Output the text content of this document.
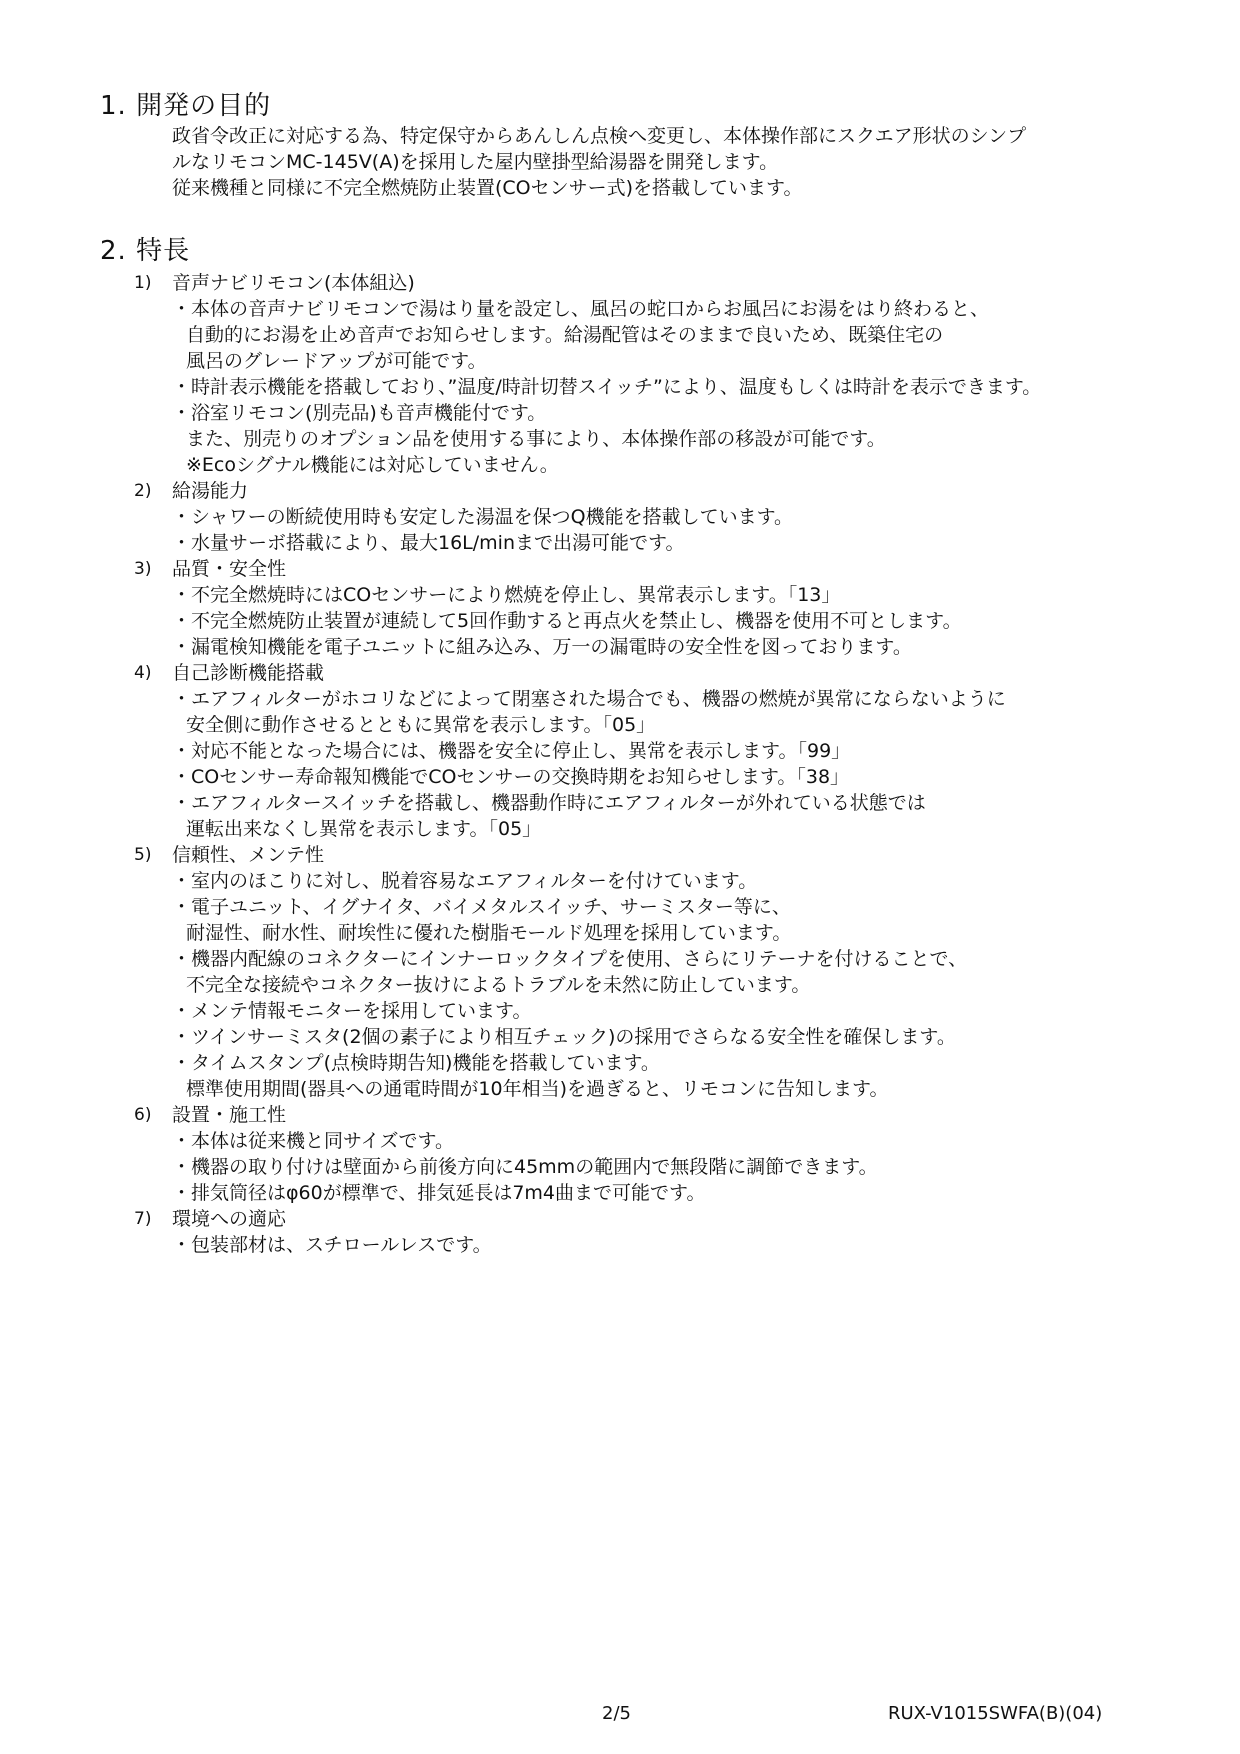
1. 開発の目的
政省令改正に対応する為、特定保守からあんしん点検へ変更し、本体操作部にスクエア形状のシンプ
ルなリモコンMC-145V(A)を採用した屋内壁掛型給湯器を開発します。
従来機種と同様に不完全燃焼防止装置(COセンサー式)を搭載しています。
2. 特長
1) 音声ナビリモコン(本体組込)
・本体の音声ナビリモコンで湯はり量を設定し、風呂の蛇口からお風呂にお湯をはり終わると、
自動的にお湯を止め音声でお知らせします。給湯配管はそのままで良いため、既築住宅の
風呂のグレードアップが可能です。
・時計表示機能を搭載しており、”温度/時計切替スイッチ”により、温度もしくは時計を表示できます。
・浴室リモコン(別売品)も音声機能付です。
また、別売りのオプション品を使用する事により、本体操作部の移設が可能です。
※Ecoシグナル機能には対応していません。
2) 給湯能力
・シャワーの断続使用時も安定した湯温を保つQ機能を搭載しています。
・水量サーボ搭載により、最大16L/minまで出湯可能です。
3) 品質・安全性
・不完全燃焼時にはCOセンサーにより燃焼を停止し、異常表示します。「13」
・不完全燃焼防止装置が連続して5回作動すると再点火を禁止し、機器を使用不可とします。
・漏電検知機能を電子ユニットに組み込み、万一の漏電時の安全性を図っております。
4) 自己診断機能搭載
・エアフィルターがホコリなどによって閉塞された場合でも、機器の燃焼が異常にならないように
安全側に動作させるとともに異常を表示します。「05」
・対応不能となった場合には、機器を安全に停止し、異常を表示します。「99」
・COセンサー寿命報知機能でCOセンサーの交換時期をお知らせします。「38」
・エアフィルタースイッチを搭載し、機器動作時にエアフィルターが外れている状態では
運転出来なくし異常を表示します。「05」
5) 信頼性、メンテ性
・室内のほこりに対し、脱着容易なエアフィルターを付けています。
・電子ユニット、イグナイタ、バイメタルスイッチ、サーミスター等に、
耐湿性、耐水性、耐埃性に優れた樹脂モールド処理を採用しています。
・機器内配線のコネクターにインナーロックタイプを使用、さらにリテーナを付けることで、
不完全な接続やコネクター抜けによるトラブルを未然に防止しています。
・メンテ情報モニターを採用しています。
・ツインサーミスタ(2個の素子により相互チェック)の採用でさらなる安全性を確保します。
・タイムスタンプ(点検時期告知)機能を搭載しています。
標準使用期間(器具への通電時間が10年相当)を過ぎると、リモコンに告知します。
6) 設置・施工性
・本体は従来機と同サイズです。
・機器の取り付けは壁面から前後方向に45mmの範囲内で無段階に調節できます。
・排気筒径はφ60が標準で、排気延長は7m4曲まで可能です。
7) 環境への適応
・包装部材は、スチロールレスです。
2/5	RUX-V1015SWFA(B)(04)
